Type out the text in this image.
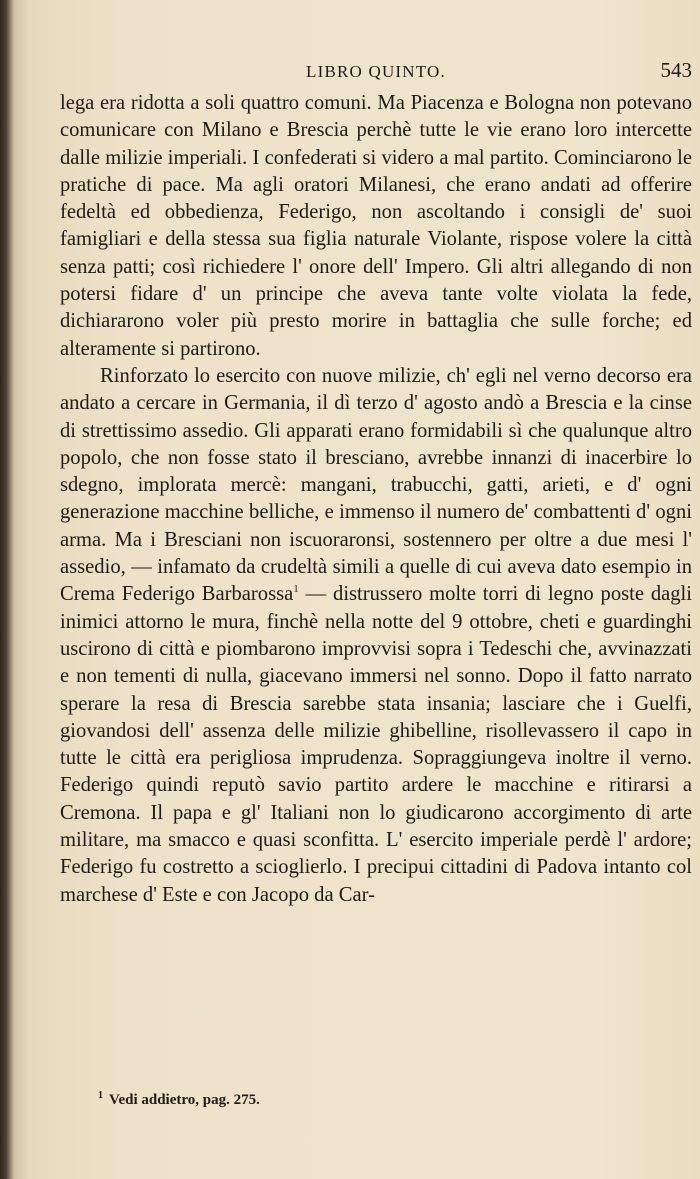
LIBRO QUINTO.	543

lega era ridotta a soli quattro comuni. Ma Piacenza e Bologna non potevano comunicare con Milano e Brescia perchè tutte le vie erano loro intercette dalle milizie imperiali. I confederati si videro a mal partito. Cominciarono le pratiche di pace. Ma agli oratori Milanesi, che erano andati ad offerire fedeltà ed obbedienza, Federigo, non ascoltando i consigli de' suoi famigliari e della stessa sua figlia naturale Violante, rispose volere la città senza patti; così richiedere l' onore dell' Impero. Gli altri allegando di non potersi fidare d' un principe che aveva tante volte violata la fede, dichiararono voler più presto morire in battaglia che sulle forche; ed alteramente si partirono.

Rinforzato lo esercito con nuove milizie, ch' egli nel verno decorso era andato a cercare in Germania, il dì terzo d' agosto andò a Brescia e la cinse di strettissimo assedio. Gli apparati erano formidabili sì che qualunque altro popolo, che non fosse stato il bresciano, avrebbe innanzi di inacerbire lo sdegno, implorata mercè: mangani, trabucchi, gatti, arieti, e d' ogni generazione macchine belliche, e immenso il numero de' combattenti d' ogni arma. Ma i Bresciani non iscuoraronsi, sostennero per oltre a due mesi l' assedio, — infamato da crudeltà simili a quelle di cui aveva dato esempio in Crema Federigo Barbarossa$^1$ — distrussero molte torri di legno poste dagli inimici attorno le mura, finchè nella notte del 9 ottobre, cheti e guardinghi uscirono di città e piombarono improvvisi sopra i Tedeschi che, avvinazzati e non tementi di nulla, giacevano immersi nel sonno. Dopo il fatto narrato sperare la resa di Brescia sarebbe stata insania; lasciare che i Guelfi, giovandosi dell' assenza delle milizie ghibelline, risollevassero il capo in tutte le città era perigliosa imprudenza. Sopraggiungeva inoltre il verno. Federigo quindi reputò savio partito ardere le macchine e ritirarsi a Cremona. Il papa e gl' Italiani non lo giudicarono accorgimento di arte militare, ma smacco e quasi sconfitta. L' esercito imperiale perdè l' ardore; Federigo fu costretto a scioglierlo. I precipui cittadini di Padova intanto col marchese d' Este e con Jacopo da Car-

$^1$ Vedi addietro, pag. 275.
